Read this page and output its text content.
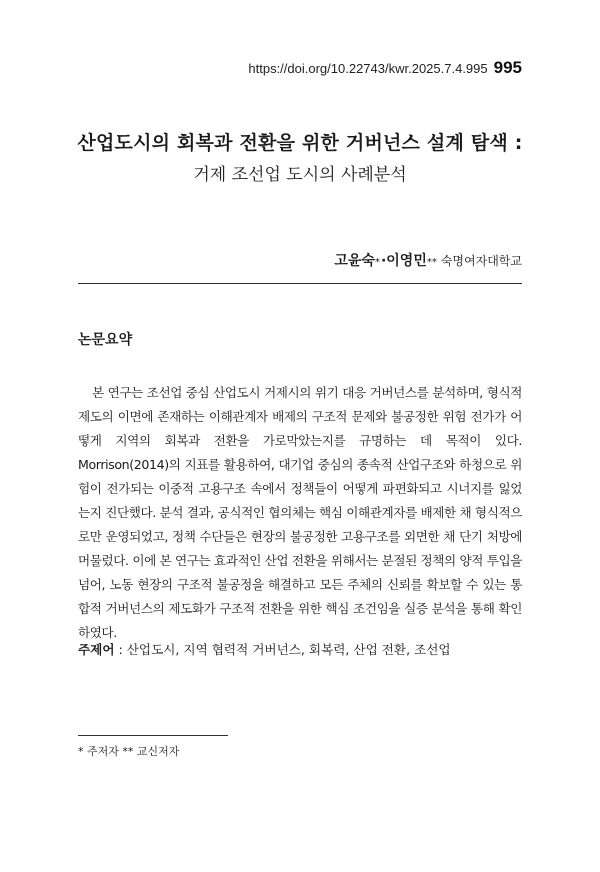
https://doi.org/10.22743/kwr.2025.7.4.995 995
산업도시의 회복과 전환을 위한 거버넌스 설계 탐색 :
거제 조선업 도시의 사례분석
고윤숙*·이영민** 숙명여자대학교
논문요약
본 연구는 조선업 중심 산업도시 거제시의 위기 대응 거버넌스를 분석하며, 형식적 제도의 이면에 존재하는 이해관계자 배제의 구조적 문제와 불공정한 위험 전가가 어떻게 지역의 회복과 전환을 가로막았는지를 규명하는 데 목적이 있다. Morrison(2014)의 지표를 활용하여, 대기업 중심의 종속적 산업구조와 하청으로 위험이 전가되는 이중적 고용구조 속에서 정책들이 어떻게 파편화되고 시너지를 잃었는지 진단했다. 분석 결과, 공식적인 협의체는 핵심 이해관계자를 배제한 채 형식적으로만 운영되었고, 정책 수단들은 현장의 불공정한 고용구조를 외면한 채 단기 처방에 머물렀다. 이에 본 연구는 효과적인 산업 전환을 위해서는 분절된 정책의 양적 투입을 넘어, 노동 현장의 구조적 불공정을 해결하고 모든 주체의 신뢰를 확보할 수 있는 통합적 거버넌스의 제도화가 구조적 전환을 위한 핵심 조건임을 실증 분석을 통해 확인하였다.
주제어 : 산업도시, 지역 협력적 거버넌스, 회복력, 산업 전환, 조선업
* 주저자 ** 교신저자
